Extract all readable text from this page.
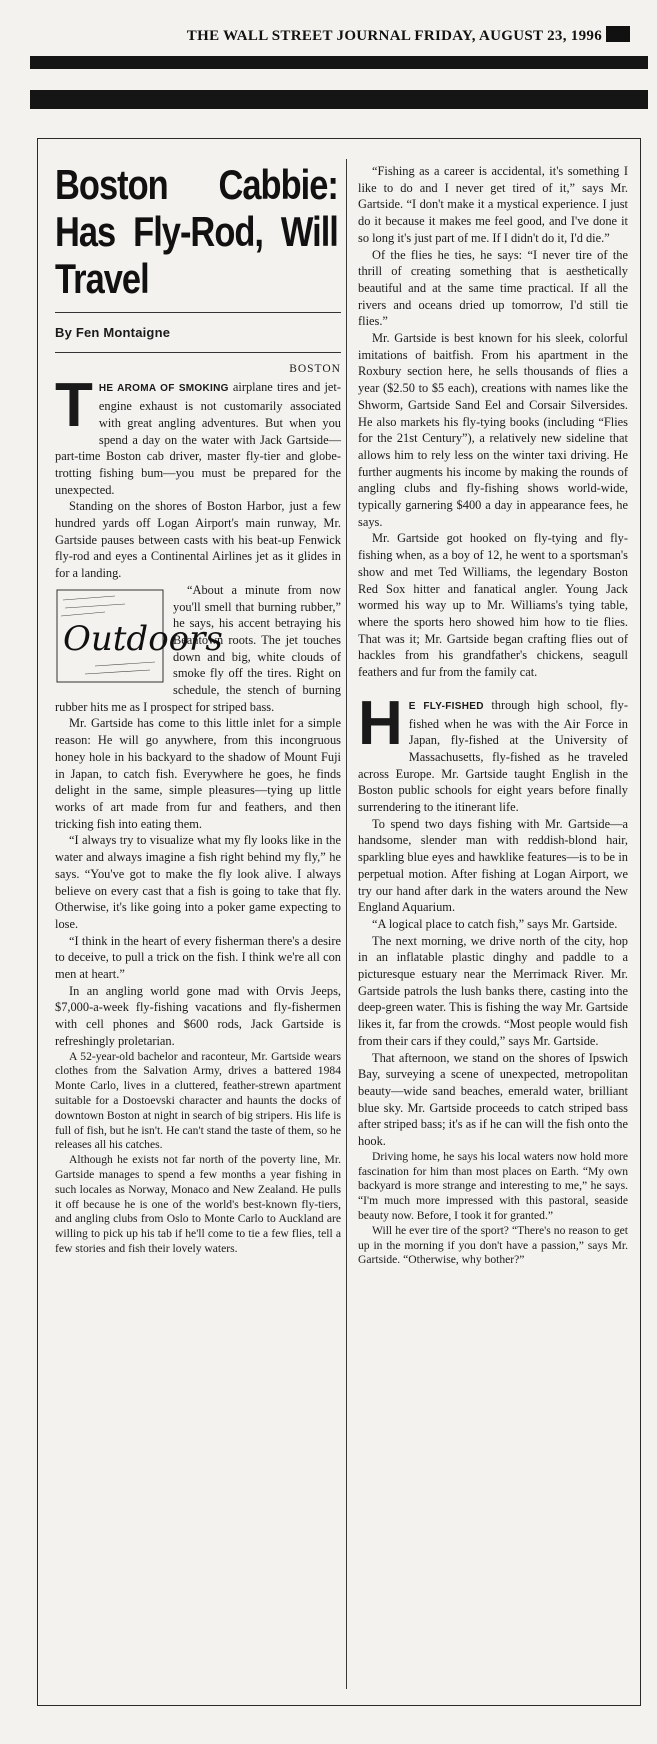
THE WALL STREET JOURNAL FRIDAY, AUGUST 23, 1996
Boston Cabbie: Has Fly-Rod, Will Travel
By Fen Montaigne
BOSTON

THE AROMA OF SMOKING airplane tires and jet-engine exhaust is not customarily associated with great angling adventures. But when you spend a day on the water with Jack Gartside—part-time Boston cab driver, master fly-tier and globe-trotting fishing bum—you must be prepared for the unexpected.

Standing on the shores of Boston Harbor, just a few hundred yards off Logan Airport's main runway, Mr. Gartside pauses between casts with his beat-up Fenwick fly-rod and eyes a Continental Airlines jet as it glides in for a landing.

Outdoors
“About a minute from now you'll smell that burning rubber,” he says, his accent betraying his Beantown roots. The jet touches down and big, white clouds of smoke fly off the tires. Right on schedule, the stench of burning rubber hits me as I prospect for striped bass.

Mr. Gartside has come to this little inlet for a simple reason: He will go anywhere, from this incongruous honey hole in his backyard to the shadow of Mount Fuji in Japan, to catch fish. Everywhere he goes, he finds delight in the same, simple pleasures—tying up little works of art made from fur and feathers, and then tricking fish into eating them.

“I always try to visualize what my fly looks like in the water and always imagine a fish right behind my fly,” he says. “You've got to make the fly look alive. I always believe on every cast that a fish is going to take that fly. Otherwise, it's like going into a poker game expecting to lose.

“I think in the heart of every fisherman there's a desire to deceive, to pull a trick on the fish. I think we're all con men at heart.”

In an angling world gone mad with Orvis Jeeps, $7,000-a-week fly-fishing vacations and fly-fishermen with cell phones and $600 rods, Jack Gartside is refreshingly proletarian.

A 52-year-old bachelor and raconteur, Mr. Gartside wears clothes from the Salvation Army, drives a battered 1984 Monte Carlo, lives in a cluttered, feather-strewn apartment suitable for a Dostoevski character and haunts the docks of downtown Boston at night in search of big stripers. His life is full of fish, but he isn't. He can't stand the taste of them, so he releases all his catches.

Although he exists not far north of the poverty line, Mr. Gartside manages to spend a few months a year fishing in such locales as Norway, Monaco and New Zealand. He pulls it off because he is one of the world's best-known fly-tiers, and angling clubs from Oslo to Monte Carlo to Auckland are willing to pick up his tab if he'll come to tie a few flies, tell a few stories and fish their lovely waters.

“Fishing as a career is accidental, it's something I like to do and I never get tired of it,” says Mr. Gartside. “I don't make it a mystical experience. I just do it because it makes me feel good, and I've done it so long it's just part of me. If I didn't do it, I'd die.”

Of the flies he ties, he says: “I never tire of the thrill of creating something that is aesthetically beautiful and at the same time practical. If all the rivers and oceans dried up tomorrow, I'd still tie flies.”

Mr. Gartside is best known for his sleek, colorful imitations of baitfish. From his apartment in the Roxbury section here, he sells thousands of flies a year ($2.50 to $5 each), creations with names like the Shworm, Gartside Sand Eel and Corsair Silversides. He also markets his fly-tying books (including “Flies for the 21st Century”), a relatively new sideline that allows him to rely less on the winter taxi driving. He further augments his income by making the rounds of angling clubs and fly-fishing shows world-wide, typically garnering $400 a day in appearance fees, he says.

Mr. Gartside got hooked on fly-tying and fly-fishing when, as a boy of 12, he went to a sportsman's show and met Ted Williams, the legendary Boston Red Sox hitter and fanatical angler. Young Jack wormed his way up to Mr. Williams's tying table, where the sports hero showed him how to tie flies. That was it; Mr. Gartside began crafting flies out of hackles from his grandfather's chickens, seagull feathers and fur from the family cat.

H E FLY-FISHED through high school, fly-fished when he was with the Air Force in Japan, fly-fished at the University of Massachusetts, fly-fished as he traveled across Europe. Mr. Gartside taught English in the Boston public schools for eight years before finally surrendering to the itinerant life.

To spend two days fishing with Mr. Gartside—a handsome, slender man with reddish-blond hair, sparkling blue eyes and hawklike features—is to be in perpetual motion. After fishing at Logan Airport, we try our hand after dark in the waters around the New England Aquarium.

“A logical place to catch fish,” says Mr. Gartside.

The next morning, we drive north of the city, hop in an inflatable plastic dinghy and paddle to a picturesque estuary near the Merrimack River. Mr. Gartside patrols the lush banks there, casting into the deep-green water. This is fishing the way Mr. Gartside likes it, far from the crowds. “Most people would fish from their cars if they could,” says Mr. Gartside.

That afternoon, we stand on the shores of Ipswich Bay, surveying a scene of unexpected, metropolitan beauty—wide sand beaches, emerald water, brilliant blue sky. Mr. Gartside proceeds to catch striped bass after striped bass; it's as if he can will the fish onto the hook.

Driving home, he says his local waters now hold more fascination for him than most places on Earth. “My own backyard is more strange and interesting to me,” he says. “I'm much more impressed with this pastoral, seaside beauty now. Before, I took it for granted.”

Will he ever tire of the sport? “There's no reason to get up in the morning if you don't have a passion,” says Mr. Gartside. “Otherwise, why bother?”
